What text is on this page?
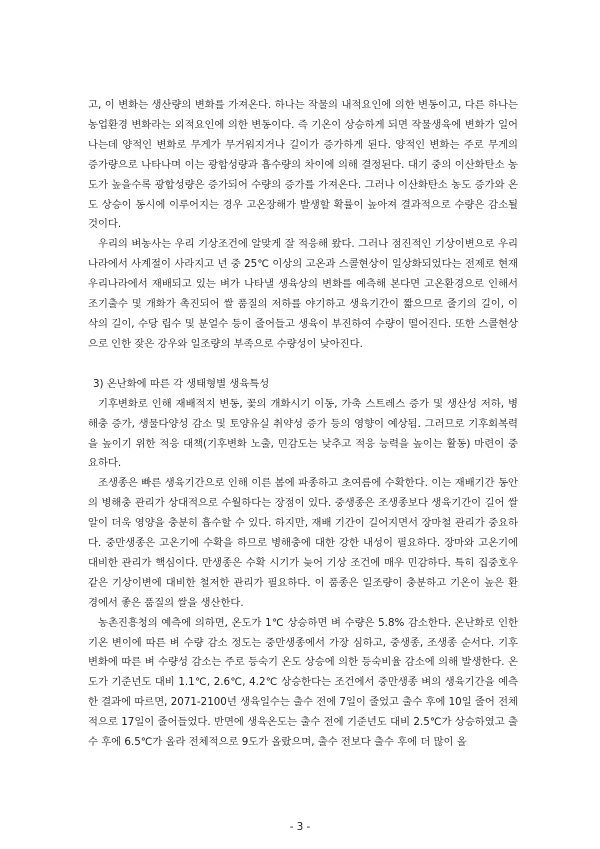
고, 이 변화는 생산량의 변화를 가져온다. 하나는 작물의 내적요인에 의한 변동이고, 다른 하나는 농업환경 변화라는 외적요인에 의한 변동이다. 즉 기온이 상승하게 되면 작물생육에 변화가 일어나는데 양적인 변화로 무게가 무거워지거나 길이가 증가하게 된다. 양적인 변화는 주로 무게의 증가량으로 나타나며 이는 광합성량과 흡수량의 차이에 의해 결정된다. 대기 중의 이산화탄소 농도가 높을수록 광합성량은 증가되어 수량의 증가를 가져온다. 그러나 이산화탄소 농도 증가와 온도 상승이 동시에 이루어지는 경우 고온장해가 발생할 확률이 높아져 결과적으로 수량은 감소될 것이다.

우리의 벼농사는 우리 기상조건에 알맞게 잘 적응해 왔다. 그러나 점진적인 기상이변으로 우리나라에서 사계절이 사라지고 년 중 25℃ 이상의 고온과 스콜현상이 일상화되었다는 전제로 현재 우리나라에서 재배되고 있는 벼가 나타낼 생육상의 변화를 예측해 본다면 고온환경으로 인해서 조기출수 및 개화가 촉진되어 쌀 품질의 저하를 야기하고 생육기간이 짧으므로 줄기의 길이, 이삭의 길이, 수당 립수 및 분얼수 등이 줄어들고 생육이 부진하여 수량이 떨어진다. 또한 스콜현상으로 인한 잦은 강우와 일조량의 부족으로 수량성이 낮아진다.

3) 온난화에 따른 각 생태형별 생육특성

기후변화로 인해 재배적지 변동, 꽃의 개화시기 이동, 가축 스트레스 증가 및 생산성 저하, 병해충 증가, 생물다양성 감소 및 토양유실 취약성 증가 등의 영향이 예상됨. 그러므로 기후회복력을 높이기 위한 적응 대책(기후변화 노출, 민감도는 낮추고 적응 능력을 높이는 활동) 마련이 중요하다.

조생종은 빠른 생육기간으로 인해 이른 봄에 파종하고 초여름에 수확한다. 이는 재배기간 동안의 병해충 관리가 상대적으로 수월하다는 장점이 있다. 중생종은 조생종보다 생육기간이 길어 쌀알이 더욱 영양을 충분히 흡수할 수 있다. 하지만, 재배 기간이 길어지면서 장마철 관리가 중요하다. 중만생종은 고온기에 수확을 하므로 병해충에 대한 강한 내성이 필요하다. 장마와 고온기에 대비한 관리가 핵심이다. 만생종은 수확 시기가 늦어 기상 조건에 매우 민감하다. 특히 집중호우 같은 기상이변에 대비한 철저한 관리가 필요하다. 이 품종은 일조량이 충분하고 기온이 높은 환경에서 좋은 품질의 쌀을 생산한다.

농촌진흥청의 예측에 의하면, 온도가 1℃ 상승하면 벼 수량은 5.8% 감소한다. 온난화로 인한 기온 변이에 따른 벼 수량 감소 정도는 중만생종에서 가장 심하고, 중생종, 조생종 순서다. 기후변화에 따른 벼 수량성 감소는 주로 등숙기 온도 상승에 의한 등숙비율 감소에 의해 발생한다. 온도가 기준년도 대비 1.1℃, 2.6℃, 4.2℃ 상승한다는 조건에서 중만생종 벼의 생육기간을 예측한 결과에 따르면, 2071-2100년 생육일수는 출수 전에 7일이 줄었고 출수 후에 10일 줄어 전체적으로 17일이 줄어들었다. 반면에 생육온도는 출수 전에 기준년도 대비 2.5℃가 상승하였고 출수 후에 6.5℃가 올라 전체적으로 9도가 올랐으며, 출수 전보다 출수 후에 더 많이 올

- 3 -
